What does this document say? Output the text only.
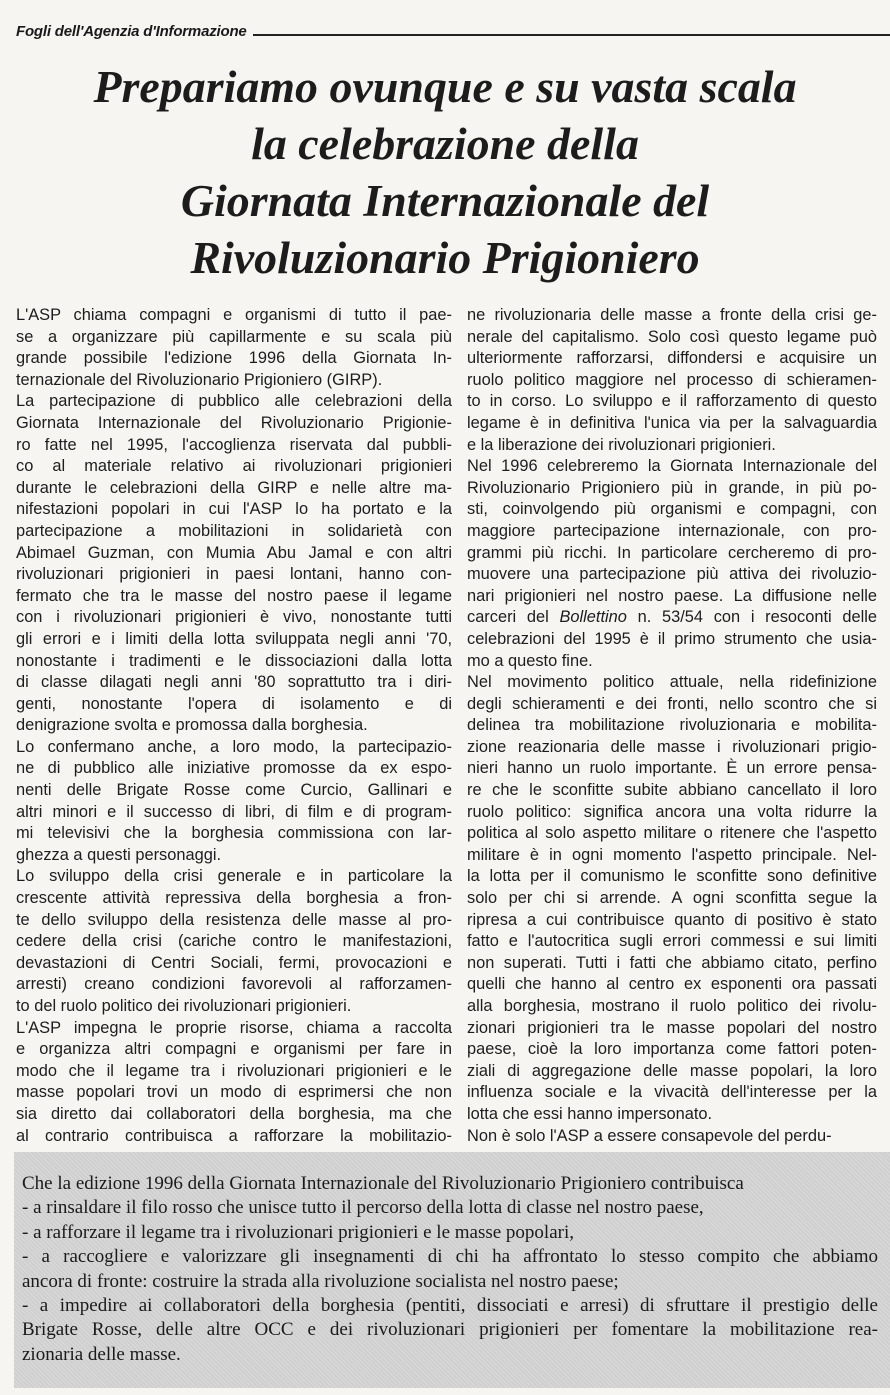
Fogli dell'Agenzia d'Informazione
Prepariamo ovunque e su vasta scala
la celebrazione della
Giornata Internazionale del
Rivoluzionario Prigioniero
L'ASP chiama compagni e organismi di tutto il pae-
se a organizzare più capillarmente e su scala più
grande possibile l'edizione 1996 della Giornata In-
ternazionale del Rivoluzionario Prigioniero (GIRP).
La partecipazione di pubblico alle celebrazioni della
Giornata Internazionale del Rivoluzionario Prigionie-
ro fatte nel 1995, l'accoglienza riservata dal pubbli-
co al materiale relativo ai rivoluzionari prigionieri
durante le celebrazioni della GIRP e nelle altre ma-
nifestazioni popolari in cui l'ASP lo ha portato e la
partecipazione a mobilitazioni in solidarietà con
Abimael Guzman, con Mumia Abu Jamal e con altri
rivoluzionari prigionieri in paesi lontani, hanno con-
fermato che tra le masse del nostro paese il legame
con i rivoluzionari prigionieri è vivo, nonostante tutti
gli errori e i limiti della lotta sviluppata negli anni '70,
nonostante i tradimenti e le dissociazioni dalla lotta
di classe dilagati negli anni '80 soprattutto tra i diri-
genti, nonostante l'opera di isolamento e di
denigrazione svolta e promossa dalla borghesia.
Lo confermano anche, a loro modo, la partecipazio-
ne di pubblico alle iniziative promosse da ex espo-
nenti delle Brigate Rosse come Curcio, Gallinari e
altri minori e il successo di libri, di film e di program-
mi televisivi che la borghesia commissiona con lar-
ghezza a questi personaggi.
Lo sviluppo della crisi generale e in particolare la
crescente attività repressiva della borghesia a fron-
te dello sviluppo della resistenza delle masse al pro-
cedere della crisi (cariche contro le manifestazioni,
devastazioni di Centri Sociali, fermi, provocazioni e
arresti) creano condizioni favorevoli al rafforzamen-
to del ruolo politico dei rivoluzionari prigionieri.
L'ASP impegna le proprie risorse, chiama a raccolta
e organizza altri compagni e organismi per fare in
modo che il legame tra i rivoluzionari prigionieri e le
masse popolari trovi un modo di esprimersi che non
sia diretto dai collaboratori della borghesia, ma che
al contrario contribuisca a rafforzare la mobilitazio-
ne rivoluzionaria delle masse a fronte della crisi ge-
nerale del capitalismo. Solo così questo legame può
ulteriormente rafforzarsi, diffondersi e acquisire un
ruolo politico maggiore nel processo di schieramen-
to in corso. Lo sviluppo e il rafforzamento di questo
legame è in definitiva l'unica via per la salvaguardia
e la liberazione dei rivoluzionari prigionieri.
Nel 1996 celebreremo la Giornata Internazionale del
Rivoluzionario Prigioniero più in grande, in più po-
sti, coinvolgendo più organismi e compagni, con
maggiore partecipazione internazionale, con pro-
grammi più ricchi. In particolare cercheremo di pro-
muovere una partecipazione più attiva dei rivoluzio-
nari prigionieri nel nostro paese. La diffusione nelle
carceri del Bollettino n. 53/54 con i resoconti delle
celebrazioni del 1995 è il primo strumento che usia-
mo a questo fine.
Nel movimento politico attuale, nella ridefinizione
degli schieramenti e dei fronti, nello scontro che si
delinea tra mobilitazione rivoluzionaria e mobilita-
zione reazionaria delle masse i rivoluzionari prigio-
nieri hanno un ruolo importante. È un errore pensa-
re che le sconfitte subite abbiano cancellato il loro
ruolo politico: significa ancora una volta ridurre la
politica al solo aspetto militare o ritenere che l'aspetto
militare è in ogni momento l'aspetto principale. Nel-
la lotta per il comunismo le sconfitte sono definitive
solo per chi si arrende. A ogni sconfitta segue la
ripresa a cui contribuisce quanto di positivo è stato
fatto e l'autocritica sugli errori commessi e sui limiti
non superati. Tutti i fatti che abbiamo citato, perfino
quelli che hanno al centro ex esponenti ora passati
alla borghesia, mostrano il ruolo politico dei rivolu-
zionari prigionieri tra le masse popolari del nostro
paese, cioè la loro importanza come fattori poten-
ziali di aggregazione delle masse popolari, la loro
influenza sociale e la vivacità dell'interesse per la
lotta che essi hanno impersonato.
Non è solo l'ASP a essere consapevole del perdu-
Che la edizione 1996 della Giornata Internazionale del Rivoluzionario Prigioniero contribuisca
- a rinsaldare il filo rosso che unisce tutto il percorso della lotta di classe nel nostro paese,
- a rafforzare il legame tra i rivoluzionari prigionieri e le masse popolari,
- a raccogliere e valorizzare gli insegnamenti di chi ha affrontato lo stesso compito che abbiamo
ancora di fronte: costruire la strada alla rivoluzione socialista nel nostro paese;
- a impedire ai collaboratori della borghesia (pentiti, dissociati e arresi) di sfruttare il prestigio delle
Brigate Rosse, delle altre OCC e dei rivoluzionari prigionieri per fomentare la mobilitazione rea-
zionaria delle masse.
